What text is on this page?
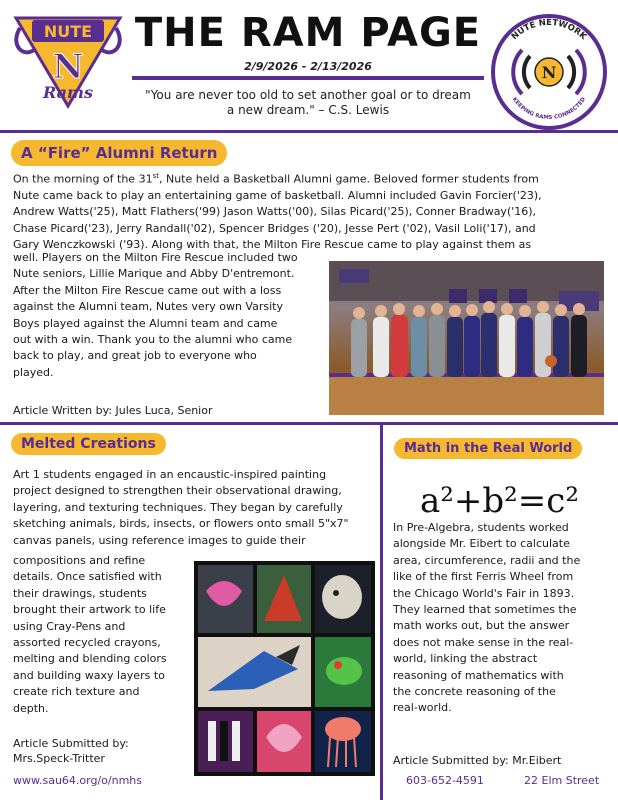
NUTE
N
Rams
THE RAM PAGE
2/9/2026 - 2/13/2026
"You are never too old to set another goal or to dream
a new dream." – C.S. Lewis
NUTE NETWORK
KEEPING RAMS CONNECTED
N
A “Fire” Alumni Return
On the morning of the 31st, Nute held a Basketball Alumni game. Beloved former students from
Nute came back to play an entertaining game of basketball. Alumni included Gavin Forcier('23),
Andrew Watts('25), Matt Flathers('99) Jason Watts('00), Silas Picard('25), Conner Bradway('16),
Chase Picard('23), Jerry Randall('02), Spencer Bridges ('20), Jesse Pert ('02), Vasil Loli('17), and
Gary Wenczkowski ('93). Along with that, the Milton Fire Rescue came to play against them as
well. Players on the Milton Fire Rescue included two
Nute seniors, Lillie Marique and Abby D'entremont.
After the Milton Fire Rescue came out with a loss
against the Alumni team, Nutes very own Varsity
Boys played against the Alumni team and came
out with a win. Thank you to the alumni who came
back to play, and great job to everyone who
played.
Article Written by: Jules Luca, Senior
Melted Creations
Art 1 students engaged in an encaustic-inspired painting
project designed to strengthen their observational drawing,
layering, and texturing techniques. They began by carefully
sketching animals, birds, insects, or flowers onto small 5"x7"
canvas panels, using reference images to guide their
compositions and refine
details. Once satisfied with
their drawings, students
brought their artwork to life
using Cray-Pens and
assorted recycled crayons,
melting and blending colors
and building waxy layers to
create rich texture and
depth.
Article Submitted by:
Mrs.Speck-Tritter
Math in the Real World
a²+b²=c²
In Pre-Algebra, students worked
alongside Mr. Eibert to calculate
area, circumference, radii and the
like of the first Ferris Wheel from
the Chicago World's Fair in 1893.
They learned that sometimes the
math works out, but the answer
does not make sense in the real-
world, linking the abstract
reasoning of mathematics with
the concrete reasoning of the
real-world.
Article Submitted by: Mr.Eibert
www.sau64.org/o/nmhs	603-652-4591	22 Elm Street
